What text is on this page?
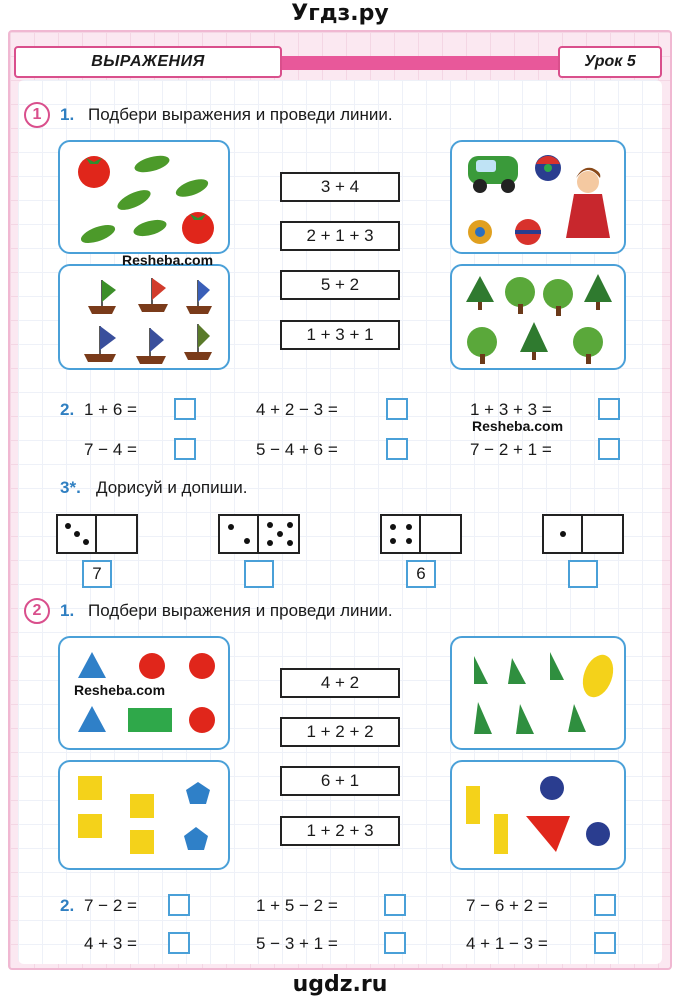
Угдз.ру
ВЫРАЖЕНИЯ	Урок 5
1	1. Подбери выражения и проведи линии.
Resheba.com
3 + 4
2 + 1 + 3
5 + 2
1 + 3 + 1
2. 1 + 6 =	4 + 2 − 3 =	1 + 3 + 3 =
7 − 4 =	5 − 4 + 6 =	7 − 2 + 1 =
Resheba.com
3*. Дорисуй и допиши.
7	6
2	1. Подбери выражения и проведи линии.
Resheba.com	4 + 2
1 + 2 + 2
6 + 1
1 + 2 + 3
2. 7 − 2 =	1 + 5 − 2 =	7 − 6 + 2 =
4 + 3 =	5 − 3 + 1 =	4 + 1 − 3 =
ugdz.ru
